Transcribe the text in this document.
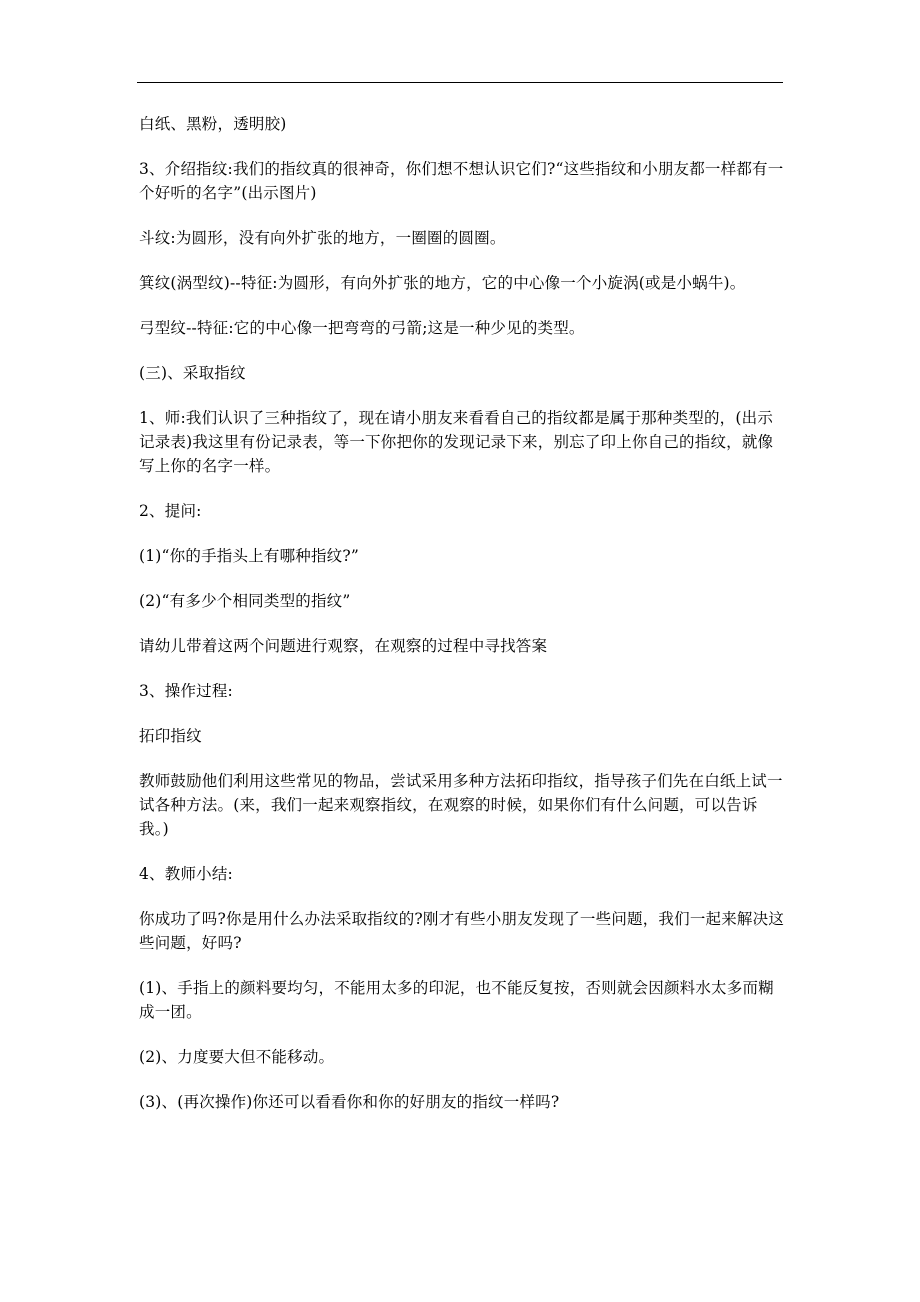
白纸、黑粉，透明胶)

3、介绍指纹:我们的指纹真的很神奇，你们想不想认识它们?“这些指纹和小朋友都一样都有一个好听的名字”(出示图片)

斗纹:为圆形，没有向外扩张的地方，一圈圈的圆圈。

箕纹(涡型纹)--特征:为圆形，有向外扩张的地方，它的中心像一个小旋涡(或是小蜗牛)。

弓型纹--特征:它的中心像一把弯弯的弓箭;这是一种少见的类型。

(三)、采取指纹

1、师:我们认识了三种指纹了，现在请小朋友来看看自己的指纹都是属于那种类型的，(出示记录表)我这里有份记录表，等一下你把你的发现记录下来，别忘了印上你自己的指纹，就像写上你的名字一样。

2、提问:

(1)“你的手指头上有哪种指纹?”

(2)“有多少个相同类型的指纹”

请幼儿带着这两个问题进行观察，在观察的过程中寻找答案

3、操作过程:

拓印指纹

教师鼓励他们利用这些常见的物品，尝试采用多种方法拓印指纹，指导孩子们先在白纸上试一试各种方法。(来，我们一起来观察指纹，在观察的时候，如果你们有什么问题，可以告诉我。)

4、教师小结:

你成功了吗?你是用什么办法采取指纹的?刚才有些小朋友发现了一些问题，我们一起来解决这些问题，好吗?

(1)、手指上的颜料要均匀，不能用太多的印泥，也不能反复按，否则就会因颜料水太多而糊成一团。

(2)、力度要大但不能移动。

(3)、(再次操作)你还可以看看你和你的好朋友的指纹一样吗?
